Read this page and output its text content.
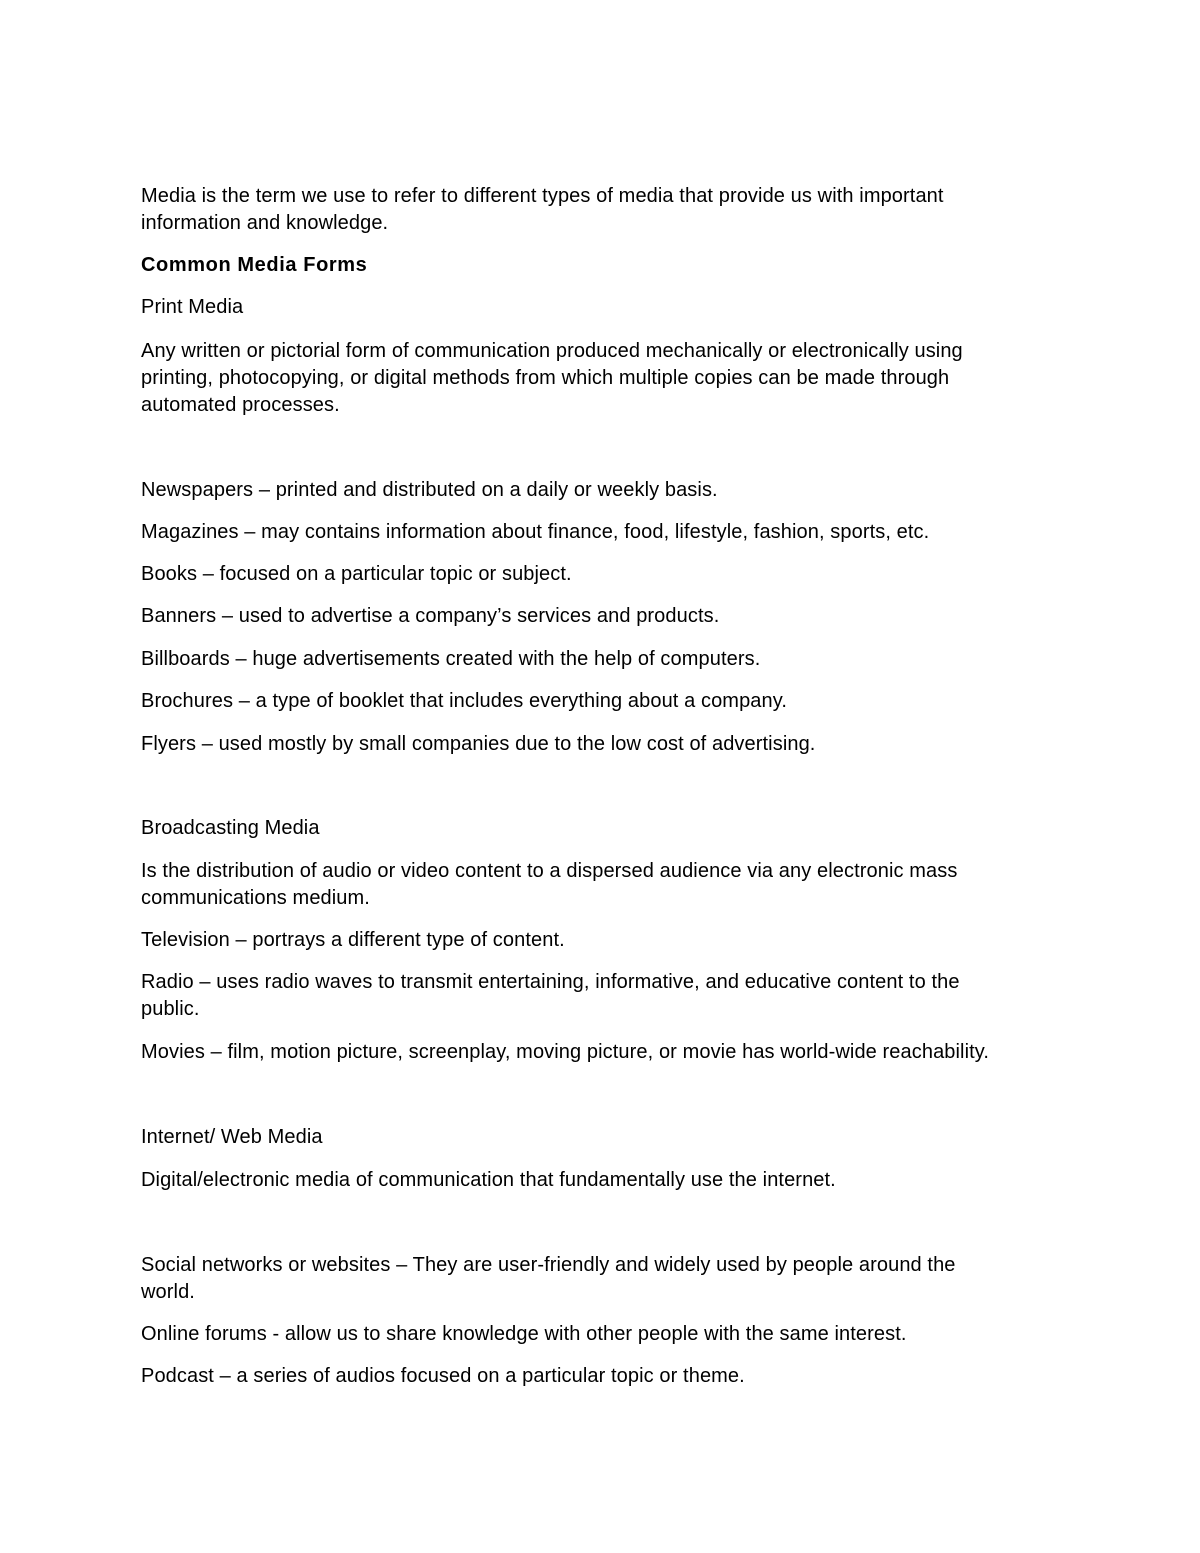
Media is the term we use to refer to different types of media that provide us with important
information and knowledge.
Common Media Forms
Print Media
Any written or pictorial form of communication produced mechanically or electronically using
printing, photocopying, or digital methods from which multiple copies can be made through
automated processes.
Newspapers – printed and distributed on a daily or weekly basis.
Magazines – may contains information about finance, food, lifestyle, fashion, sports, etc.
Books – focused on a particular topic or subject.
Banners – used to advertise a company’s services and products.
Billboards – huge advertisements created with the help of computers.
Brochures – a type of booklet that includes everything about a company.
Flyers – used mostly by small companies due to the low cost of advertising.
Broadcasting Media
Is the distribution of audio or video content to a dispersed audience via any electronic mass
communications medium.
Television – portrays a different type of content.
Radio – uses radio waves to transmit entertaining, informative, and educative content to the
public.
Movies – film, motion picture, screenplay, moving picture, or movie has world-wide reachability.
Internet/ Web Media
Digital/electronic media of communication that fundamentally use the internet.
Social networks or websites – They are user-friendly and widely used by people around the
world.
Online forums - allow us to share knowledge with other people with the same interest.
Podcast – a series of audios focused on a particular topic or theme.
